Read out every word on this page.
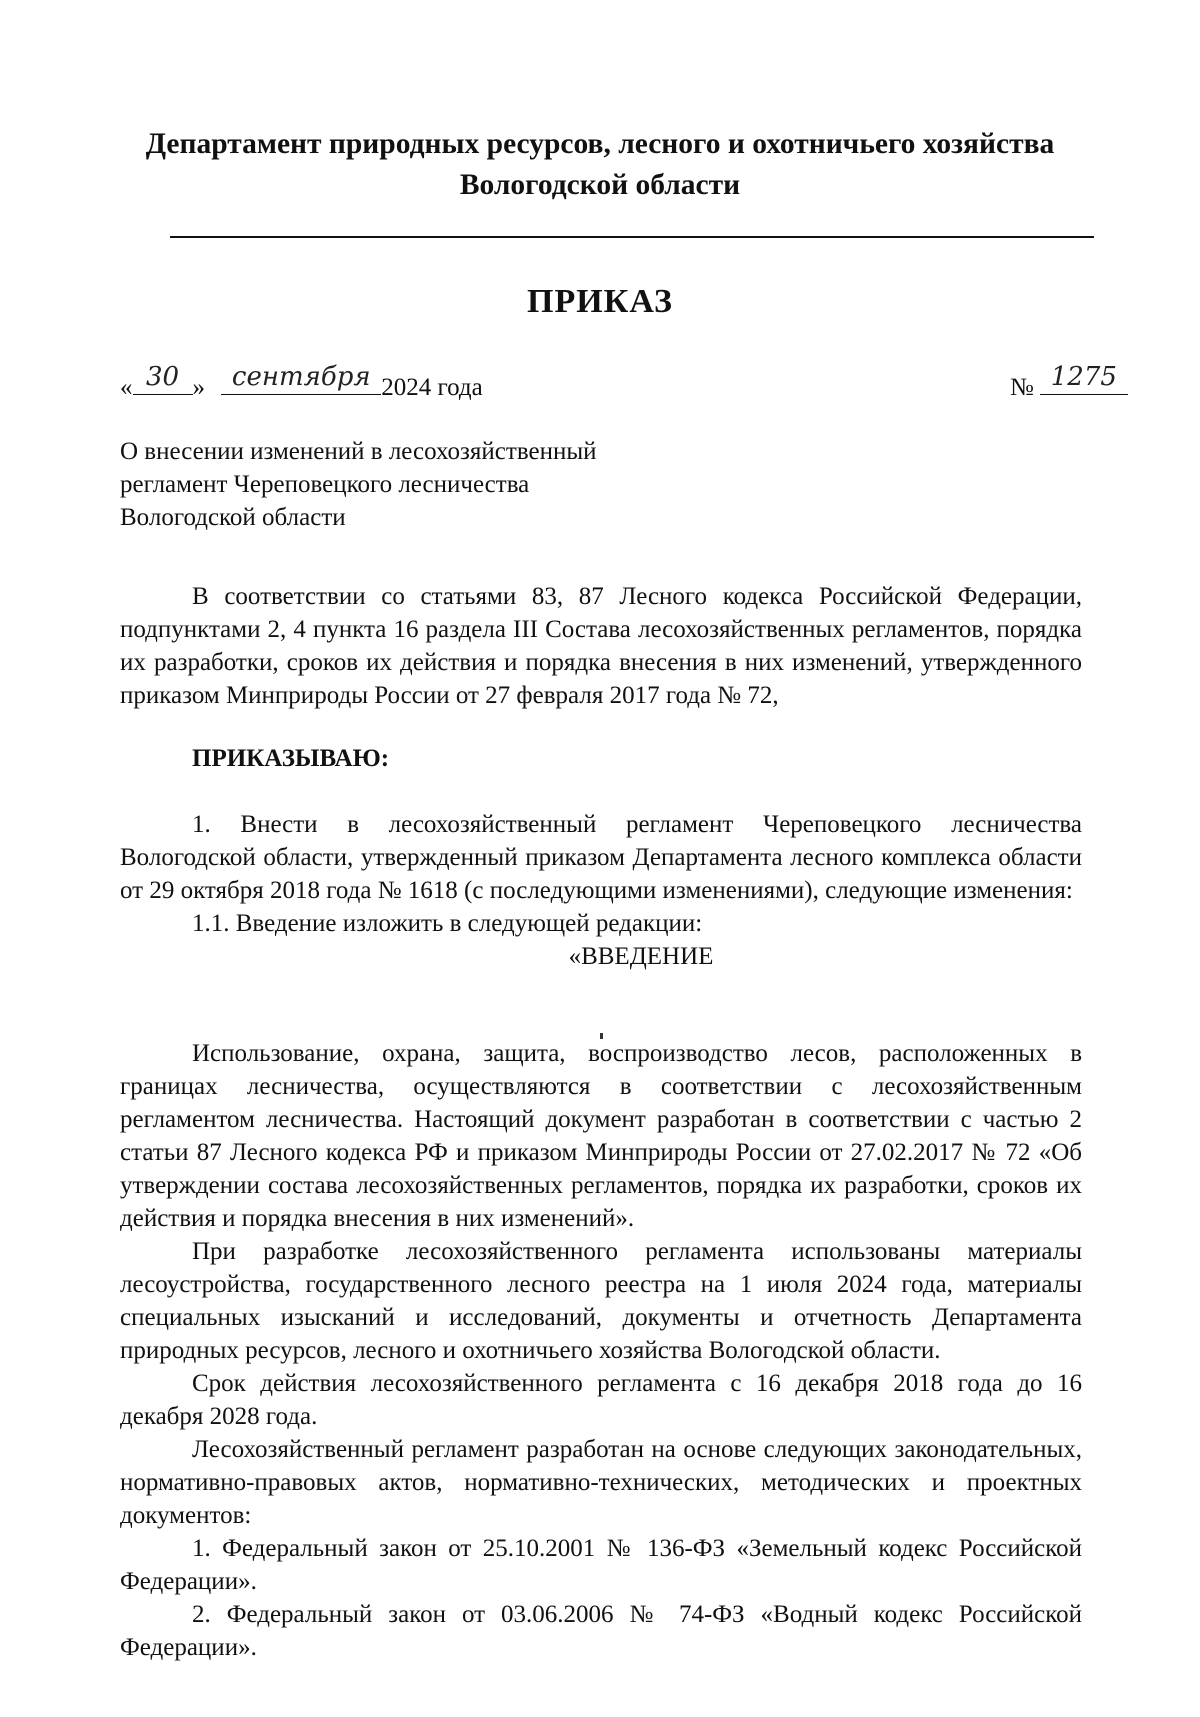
Департамент природных ресурсов, лесного и охотничьего хозяйства
Вологодской области
ПРИКАЗ
« 30 »	сентября 2024 года	№ 1275
О внесении изменений в лесохозяйственный
регламент Череповецкого лесничества
Вологодской области

В соответствии со статьями 83, 87 Лесного кодекса Российской Федерации, подпунктами 2, 4 пункта 16 раздела III Состава лесохозяйственных регламентов, порядка их разработки, сроков их действия и порядка внесения в них изменений, утвержденного приказом Минприроды России от 27 февраля 2017 года № 72,

ПРИКАЗЫВАЮ:

1. Внести в лесохозяйственный регламент Череповецкого лесничества Вологодской области, утвержденный приказом Департамента лесного комплекса области от 29 октября 2018 года № 1618 (с последующими изменениями), следующие изменения:

1.1. Введение изложить в следующей редакции:

«ВВЕДЕНИЕ

Использование, охрана, защита, воспроизводство лесов, расположенных в границах лесничества, осуществляются в соответствии с лесохозяйственным регламентом лесничества. Настоящий документ разработан в соответствии с частью 2 статьи 87 Лесного кодекса РФ и приказом Минприроды России от 27.02.2017 № 72 «Об утверждении состава лесохозяйственных регламентов, порядка их разработки, сроков их действия и порядка внесения в них изменений».

При разработке лесохозяйственного регламента использованы материалы лесоустройства, государственного лесного реестра на 1 июля 2024 года, материалы специальных изысканий и исследований, документы и отчетность Департамента природных ресурсов, лесного и охотничьего хозяйства Вологодской области.

Срок действия лесохозяйственного регламента с 16 декабря 2018 года до 16 декабря 2028 года.

Лесохозяйственный регламент разработан на основе следующих законодательных, нормативно-правовых актов, нормативно-технических, методических и проектных документов:

1. Федеральный закон от 25.10.2001 № 136-ФЗ «Земельный кодекс Российской Федерации».

2. Федеральный закон от 03.06.2006 № 74-ФЗ «Водный кодекс Российской Федерации».
